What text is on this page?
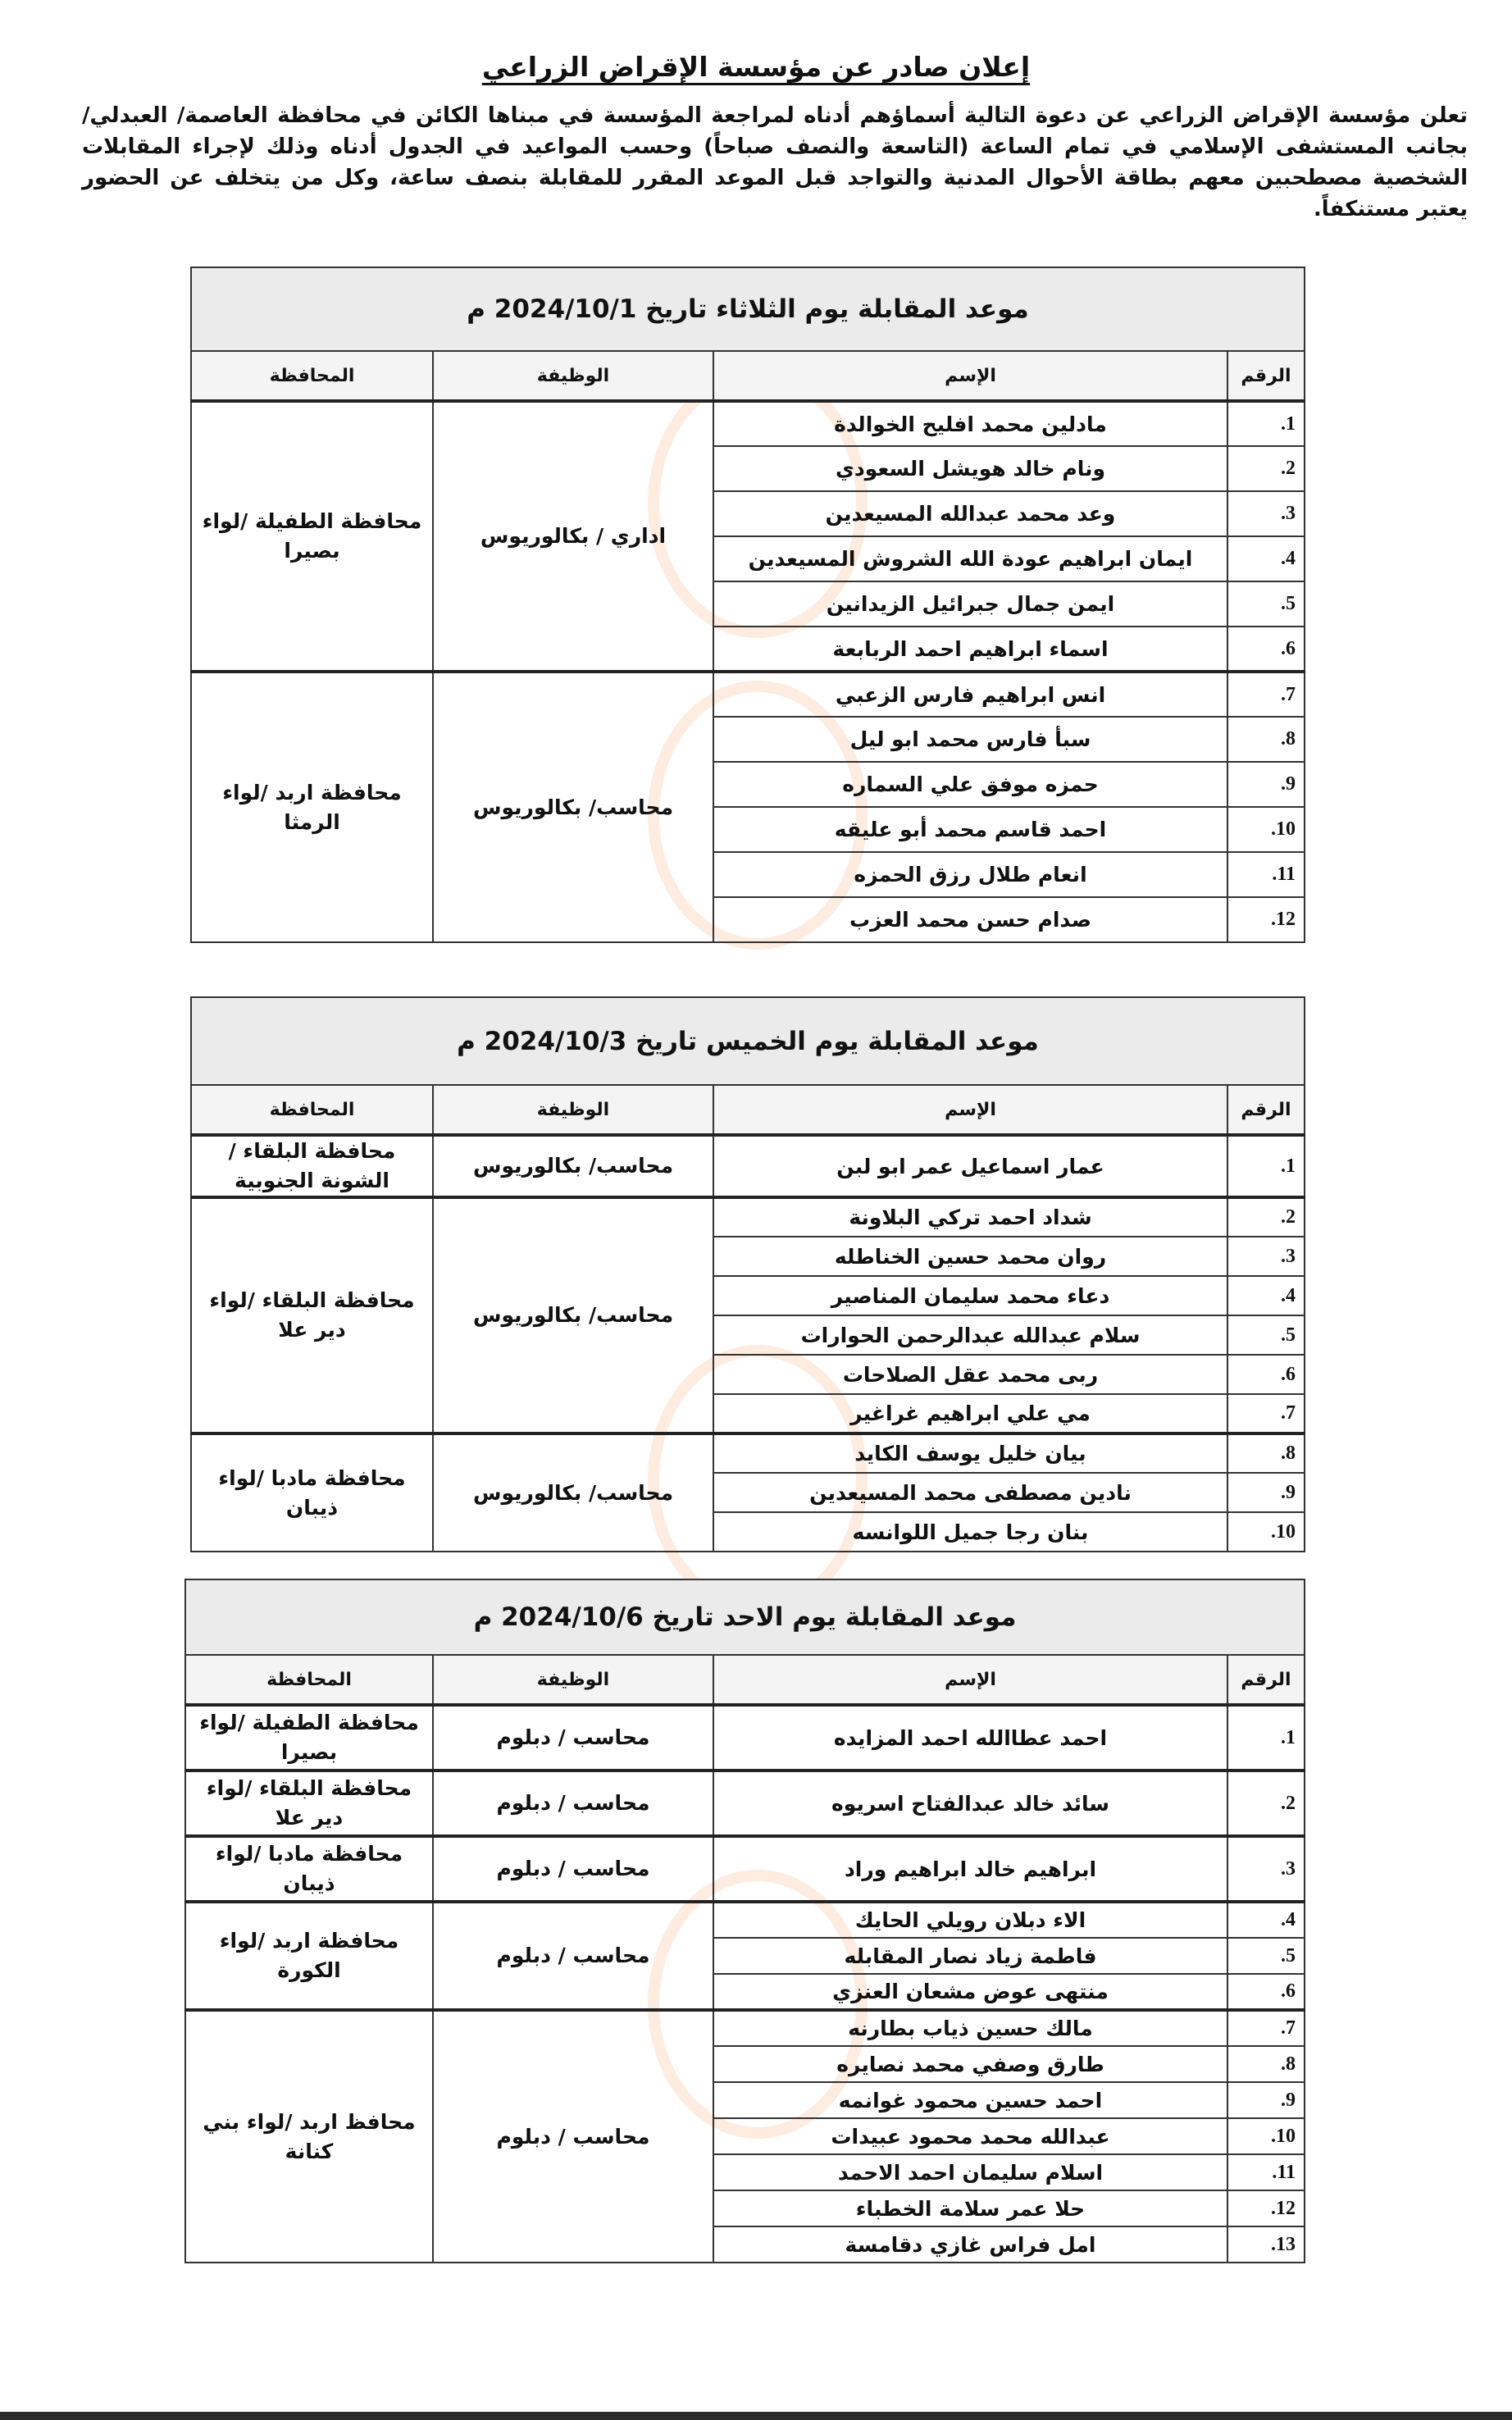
إعلان صادر عن مؤسسة الإقراض الزراعي
تعلن مؤسسة الإقراض الزراعي عن دعوة التالية أسماؤهم أدناه لمراجعة المؤسسة في مبناها الكائن في محافظة العاصمة/ العبدلي/ بجانب المستشفى الإسلامي في تمام الساعة (التاسعة والنصف صباحاً) وحسب المواعيد في الجدول أدناه وذلك لإجراء المقابلات الشخصية مصطحبين معهم بطاقة الأحوال المدنية والتواجد قبل الموعد المقرر للمقابلة بنصف ساعة، وكل من يتخلف عن الحضور يعتبر مستنكفاً.
موعد المقابلة يوم الثلاثاء تاريخ 2024/10/1 م			
الرقم	الإسم	الوظيفة	المحافظة
1.	مادلين محمد افليح الخوالدة	اداري / بكالوريوس	محافظة الطفيلة /لواء بصيرا
2.	ونام خالد هويشل السعودي		
3.	وعد محمد عبدالله المسيعدين		
4.	ايمان ابراهيم عودة الله الشروش المسيعدين		
5.	ايمن جمال جبرائيل الزيدانين		
6.	اسماء ابراهيم احمد الربابعة		
7.	انس ابراهيم فارس الزعبي	محاسب/ بكالوريوس	محافظة اربد /لواء الرمثا
8.	سبأ فارس محمد ابو ليل		
9.	حمزه موفق علي السماره		
10.	احمد قاسم محمد أبو عليقه		
11.	انعام طلال رزق الحمزه		
12.	صدام حسن محمد العزب		
موعد المقابلة يوم الخميس تاريخ 2024/10/3 م			
الرقم	الإسم	الوظيفة	المحافظة
1.	عمار اسماعيل عمر ابو لبن	محاسب/ بكالوريوس	محافظة البلقاء / الشونة الجنوبية
2.	شداد احمد تركي البلاونة	محاسب/ بكالوريوس	محافظة البلقاء /لواء دير علا
3.	روان محمد حسين الخناطله		
4.	دعاء محمد سليمان المناصير		
5.	سلام عبدالله عبدالرحمن الحوارات		
6.	ربى محمد عقل الصلاحات		
7.	مي علي ابراهيم غراغير		
8.	بيان خليل يوسف الكايد	محاسب/ بكالوريوس	محافظة مادبا /لواء ذيبان
9.	نادين مصطفى محمد المسيعدين		
10.	بنان رجا جميل اللوانسه		
موعد المقابلة يوم الاحد تاريخ 2024/10/6 م			
الرقم	الإسم	الوظيفة	المحافظة
1.	احمد عطاالله احمد المزايده	محاسب / دبلوم	محافظة الطفيلة /لواء بصيرا
2.	سائد خالد عبدالفتاح اسريوه	محاسب / دبلوم	محافظة البلقاء /لواء دير علا
3.	ابراهيم خالد ابراهيم وراد	محاسب / دبلوم	محافظة مادبا /لواء ذيبان
4.	الاء دبلان رويلي الحايك	محاسب / دبلوم	محافظة اربد /لواء الكورة
5.	فاطمة زياد نصار المقابله		
6.	منتهى عوض مشعان العنزي		
7.	مالك حسين ذياب بطارنه	محاسب / دبلوم	محافظ اربد /لواء بني كنانة
8.	طارق وصفي محمد نصايره		
9.	احمد حسين محمود غوانمه		
10.	عبدالله محمد محمود عبيدات		
11.	اسلام سليمان احمد الاحمد		
12.	حلا عمر سلامة الخطباء		
13.	امل فراس غازي دقامسة		
